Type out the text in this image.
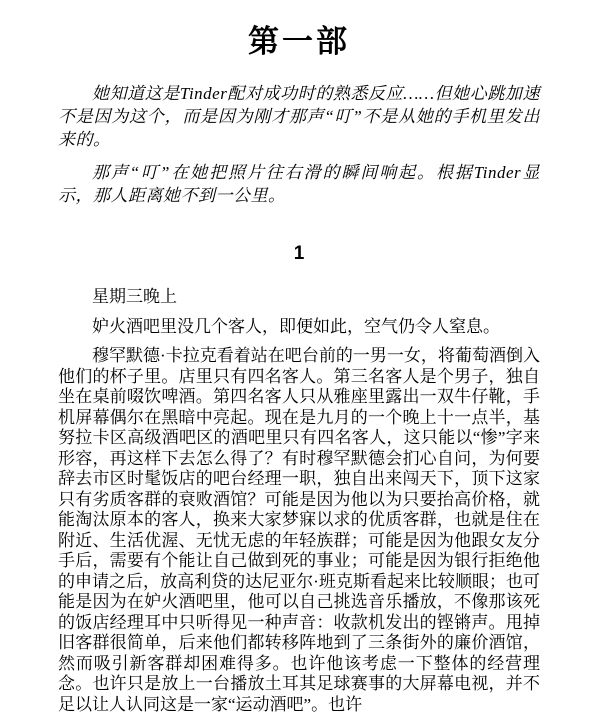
第一部

她知道这是Tinder配对成功时的熟悉反应……但她心跳加速不是因为这个，而是因为刚才那声“叮”不是从她的手机里发出来的。

那声“叮”在她把照片往右滑的瞬间响起。根据Tinder显示，那人距离她不到一公里。

1

星期三晚上

妒火酒吧里没几个客人，即便如此，空气仍令人窒息。

穆罕默德·卡拉克看着站在吧台前的一男一女，将葡萄酒倒入他们的杯子里。店里只有四名客人。第三名客人是个男子，独自坐在桌前啜饮啤酒。第四名客人只从雅座里露出一双牛仔靴，手机屏幕偶尔在黑暗中亮起。现在是九月的一个晚上十一点半，基努拉卡区高级酒吧区的酒吧里只有四名客人，这只能以“惨”字来形容，再这样下去怎么得了？有时穆罕默德会扪心自问，为何要辞去市区时髦饭店的吧台经理一职，独自出来闯天下，顶下这家只有劣质客群的衰败酒馆？可能是因为他以为只要抬高价格，就能淘汰原本的客人，换来大家梦寐以求的优质客群，也就是住在附近、生活优渥、无忧无虑的年轻族群；可能是因为他跟女友分手后，需要有个能让自己做到死的事业；可能是因为银行拒绝他的申请之后，放高利贷的达尼亚尔·班克斯看起来比较顺眼；也可能是因为在妒火酒吧里，他可以自己挑选音乐播放，不像那该死的饭店经理耳中只听得见一种声音：收款机发出的铿锵声。甩掉旧客群很简单，后来他们都转移阵地到了三条街外的廉价酒馆，然而吸引新客群却困难得多。也许他该考虑一下整体的经营理念。也许只是放上一台播放土耳其足球赛事的大屏幕电视，并不足以让人认同这是一家“运动酒吧”。也许
